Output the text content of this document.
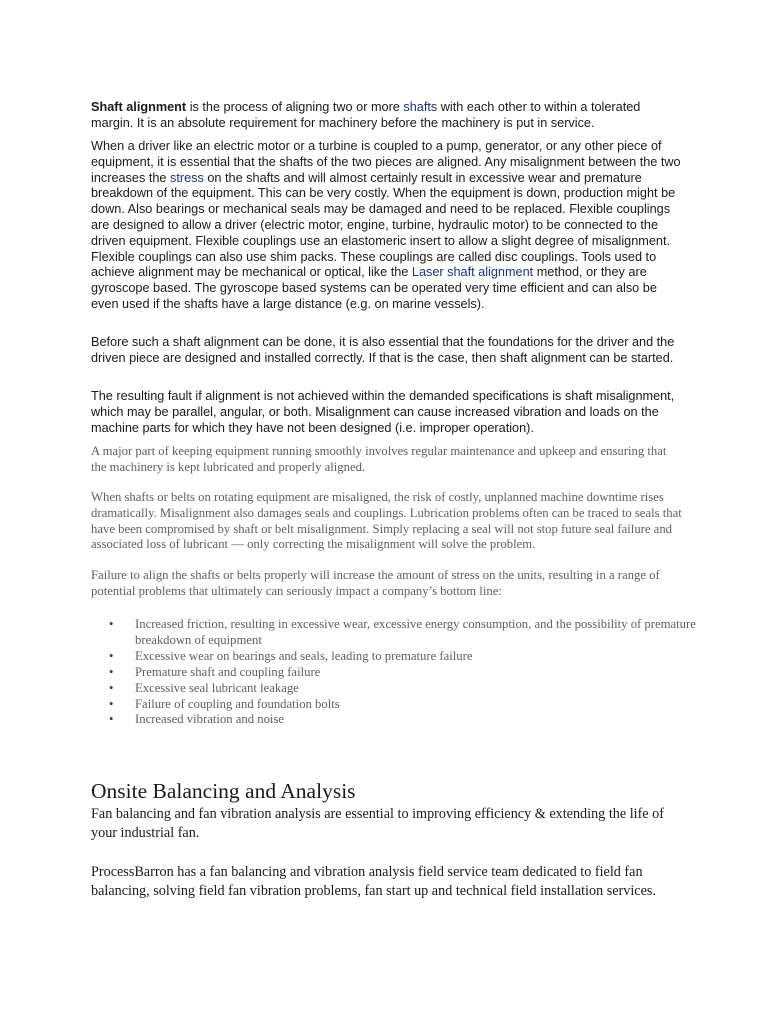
Shaft alignment is the process of aligning two or more shafts with each other to within a tolerated margin. It is an absolute requirement for machinery before the machinery is put in service.

When a driver like an electric motor or a turbine is coupled to a pump, generator, or any other piece of equipment, it is essential that the shafts of the two pieces are aligned. Any misalignment between the two increases the stress on the shafts and will almost certainly result in excessive wear and premature breakdown of the equipment. This can be very costly. When the equipment is down, production might be down. Also bearings or mechanical seals may be damaged and need to be replaced. Flexible couplings are designed to allow a driver (electric motor, engine, turbine, hydraulic motor) to be connected to the driven equipment. Flexible couplings use an elastomeric insert to allow a slight degree of misalignment. Flexible couplings can also use shim packs. These couplings are called disc couplings. Tools used to achieve alignment may be mechanical or optical, like the Laser shaft alignment method, or they are gyroscope based. The gyroscope based systems can be operated very time efficient and can also be even used if the shafts have a large distance (e.g. on marine vessels).

Before such a shaft alignment can be done, it is also essential that the foundations for the driver and the driven piece are designed and installed correctly. If that is the case, then shaft alignment can be started.

The resulting fault if alignment is not achieved within the demanded specifications is shaft misalignment, which may be parallel, angular, or both. Misalignment can cause increased vibration and loads on the machine parts for which they have not been designed (i.e. improper operation).

A major part of keeping equipment running smoothly involves regular maintenance and upkeep and ensuring that the machinery is kept lubricated and properly aligned.

When shafts or belts on rotating equipment are misaligned, the risk of costly, unplanned machine downtime rises dramatically. Misalignment also damages seals and couplings. Lubrication problems often can be traced to seals that have been compromised by shaft or belt misalignment. Simply replacing a seal will not stop future seal failure and associated loss of lubricant — only correcting the misalignment will solve the problem.

Failure to align the shafts or belts properly will increase the amount of stress on the units, resulting in a range of potential problems that ultimately can seriously impact a company’s bottom line:

• Increased friction, resulting in excessive wear, excessive energy consumption, and the possibility of premature breakdown of equipment
• Excessive wear on bearings and seals, leading to premature failure
• Premature shaft and coupling failure
• Excessive seal lubricant leakage
• Failure of coupling and foundation bolts
• Increased vibration and noise
Onsite Balancing and Analysis

Fan balancing and fan vibration analysis are essential to improving efficiency & extending the life of your industrial fan.

ProcessBarron has a fan balancing and vibration analysis field service team dedicated to field fan balancing, solving field fan vibration problems, fan start up and technical field installation services.
